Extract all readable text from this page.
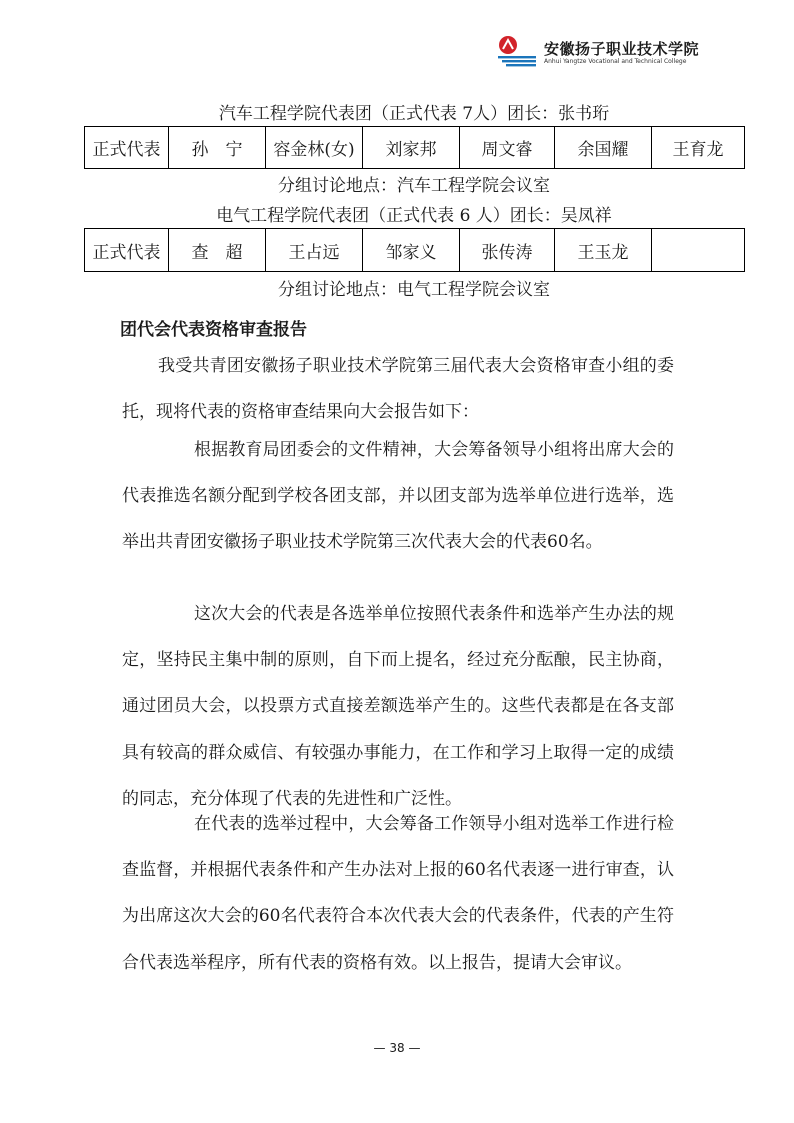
安徽扬子职业技术学院
Anhui Yangtze Vocational and Technical College
汽车工程学院代表团（正式代表 7人）团长：张书珩
正式代表	孙　宁	容金林(女)	刘家邦	周文睿	余国耀	王育龙
分组讨论地点：汽车工程学院会议室
电气工程学院代表团（正式代表 6 人）团长：吴凤祥
正式代表	查　超	王占远	邹家义	张传涛	王玉龙	
分组讨论地点：电气工程学院会议室
团代会代表资格审查报告

我受共青团安徽扬子职业技术学院第三届代表大会资格审查小组的委托，现将代表的资格审查结果向大会报告如下：

根据教育局团委会的文件精神，大会筹备领导小组将出席大会的代表推选名额分配到学校各团支部，并以团支部为选举单位进行选举，选举出共青团安徽扬子职业技术学院第三次代表大会的代表60名。

这次大会的代表是各选举单位按照代表条件和选举产生办法的规定，坚持民主集中制的原则，自下而上提名，经过充分酝酿，民主协商，通过团员大会，以投票方式直接差额选举产生的。这些代表都是在各支部具有较高的群众威信、有较强办事能力，在工作和学习上取得一定的成绩的同志，充分体现了代表的先进性和广泛性。

在代表的选举过程中，大会筹备工作领导小组对选举工作进行检查监督，并根据代表条件和产生办法对上报的60名代表逐一进行审查，认为出席这次大会的60名代表符合本次代表大会的代表条件，代表的产生符合代表选举程序，所有代表的资格有效。以上报告，提请大会审议。

— 38 —
